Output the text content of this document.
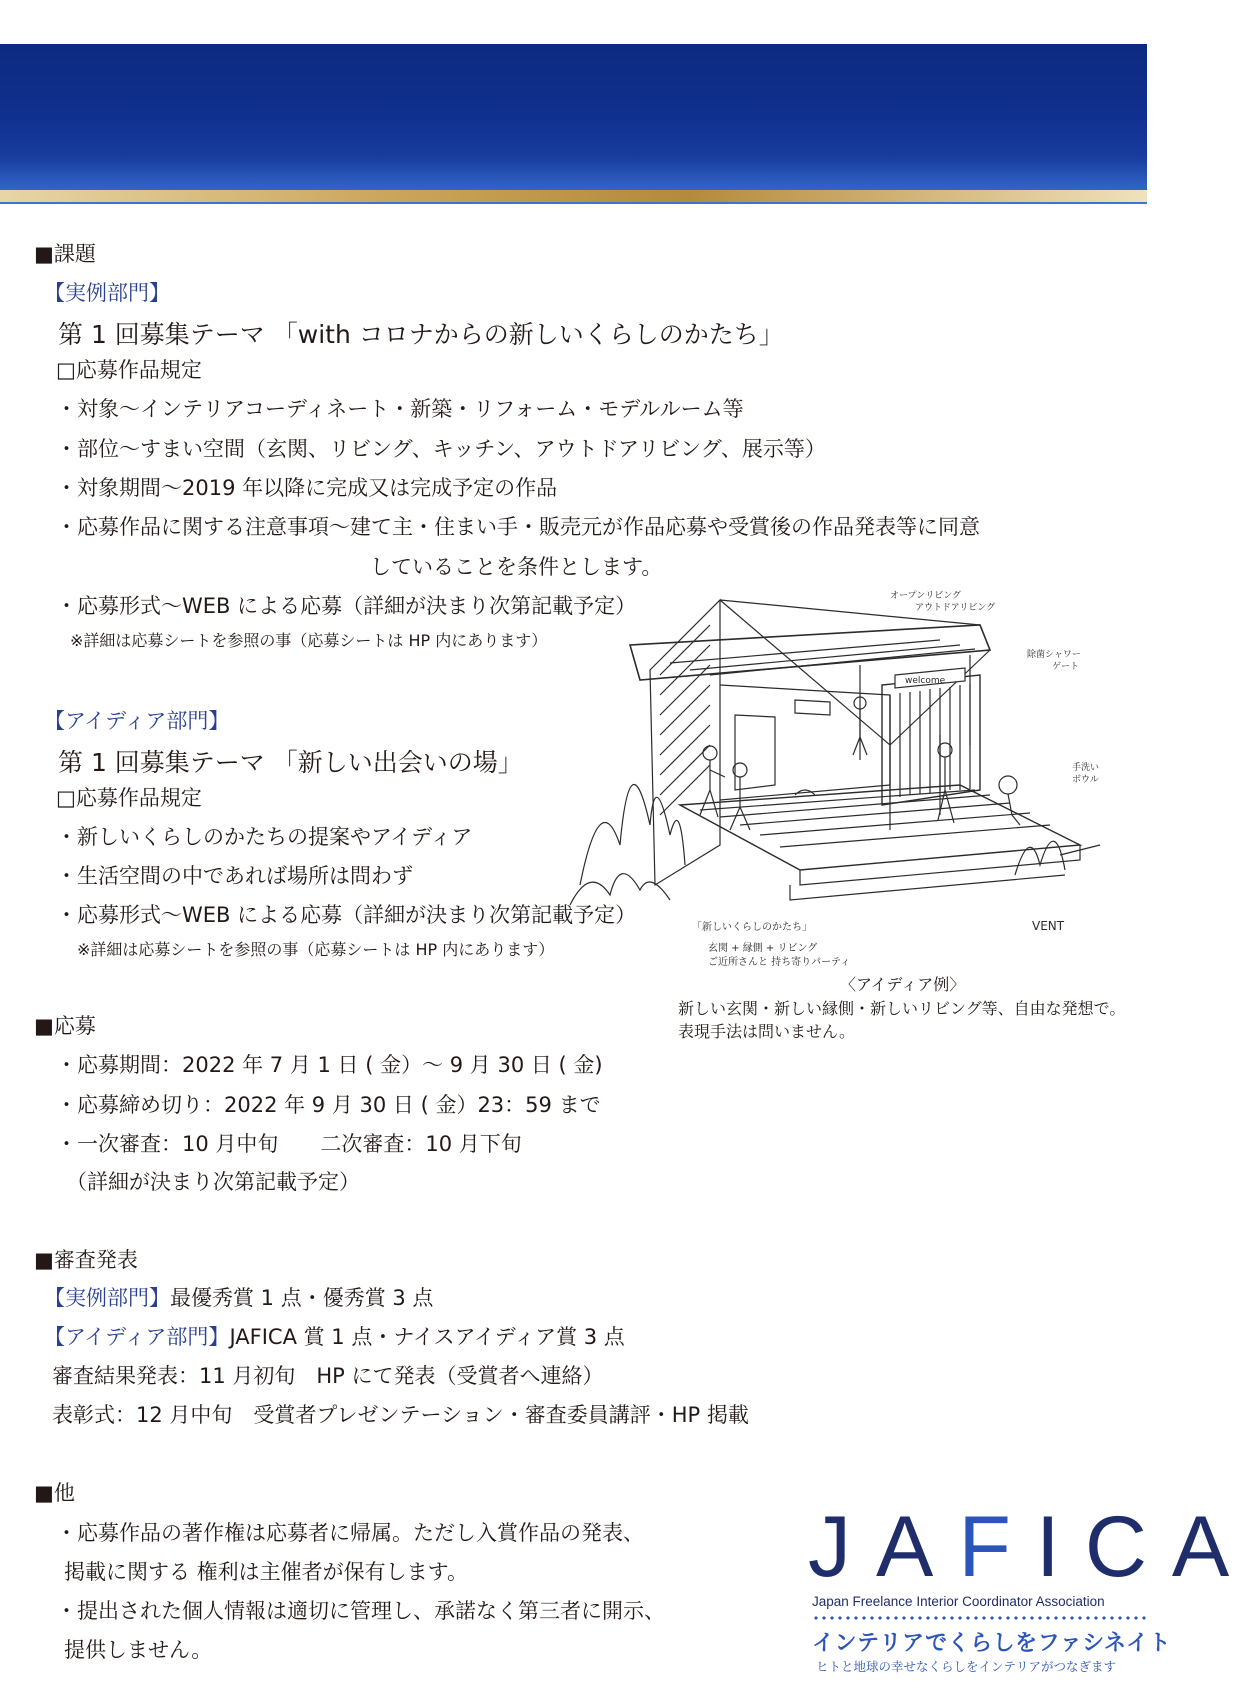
■課題
【実例部門】
第 1 回募集テーマ 「with コロナからの新しいくらしのかたち」
□応募作品規定
・対象～インテリアコーディネート・新築・リフォーム・モデルルーム等
・部位～すまい空間（玄関、リビング、キッチン、アウトドアリビング、展示等）
・対象期間～2019 年以降に完成又は完成予定の作品
・応募作品に関する注意事項～建て主・住まい手・販売元が作品応募や受賞後の作品発表等に同意
していることを条件とします。
・応募形式～WEB による応募（詳細が決まり次第記載予定）
※詳細は応募シートを参照の事（応募シートは HP 内にあります）
【アイディア部門】
第 1 回募集テーマ 「新しい出会いの場」
□応募作品規定
・新しいくらしのかたちの提案やアイディア
・生活空間の中であれば場所は問わず
・応募形式～WEB による応募（詳細が決まり次第記載予定）
※詳細は応募シートを参照の事（応募シートは HP 内にあります）
オープンリビング
アウトドアリビング
除菌シャワー
ゲート
手洗い
ボウル
welcome
VENT
「新しいくらしのかたち」
玄関 + 縁側 + リビング
ご近所さんと 持ち寄りパーティ
〈アイディア例〉
新しい玄関・新しい縁側・新しいリビング等、自由な発想で。
表現手法は問いません。
■応募
・応募期間：2022 年 7 月 1 日 ( 金）～ 9 月 30 日 ( 金)
・応募締め切り：2022 年 9 月 30 日 ( 金）23：59 まで
・一次審査：10 月中旬　　二次審査：10 月下旬
（詳細が決まり次第記載予定）
■審査発表
【実例部門】最優秀賞 1 点・優秀賞 3 点
【アイディア部門】JAFICA 賞 1 点・ナイスアイディア賞 3 点
審査結果発表：11 月初旬　HP にて発表（受賞者へ連絡）
表彰式：12 月中旬　受賞者プレゼンテーション・審査委員講評・HP 掲載
■他
・応募作品の著作権は応募者に帰属。ただし入賞作品の発表、
掲載に関する 権利は主催者が保有します。
・提出された個人情報は適切に管理し、承諾なく第三者に開示、
提供しません。
JAFICA
Japan Freelance Interior Coordinator Association
インテリアでくらしをファシネイト
ヒトと地球の幸せなくらしをインテリアがつなぎます
